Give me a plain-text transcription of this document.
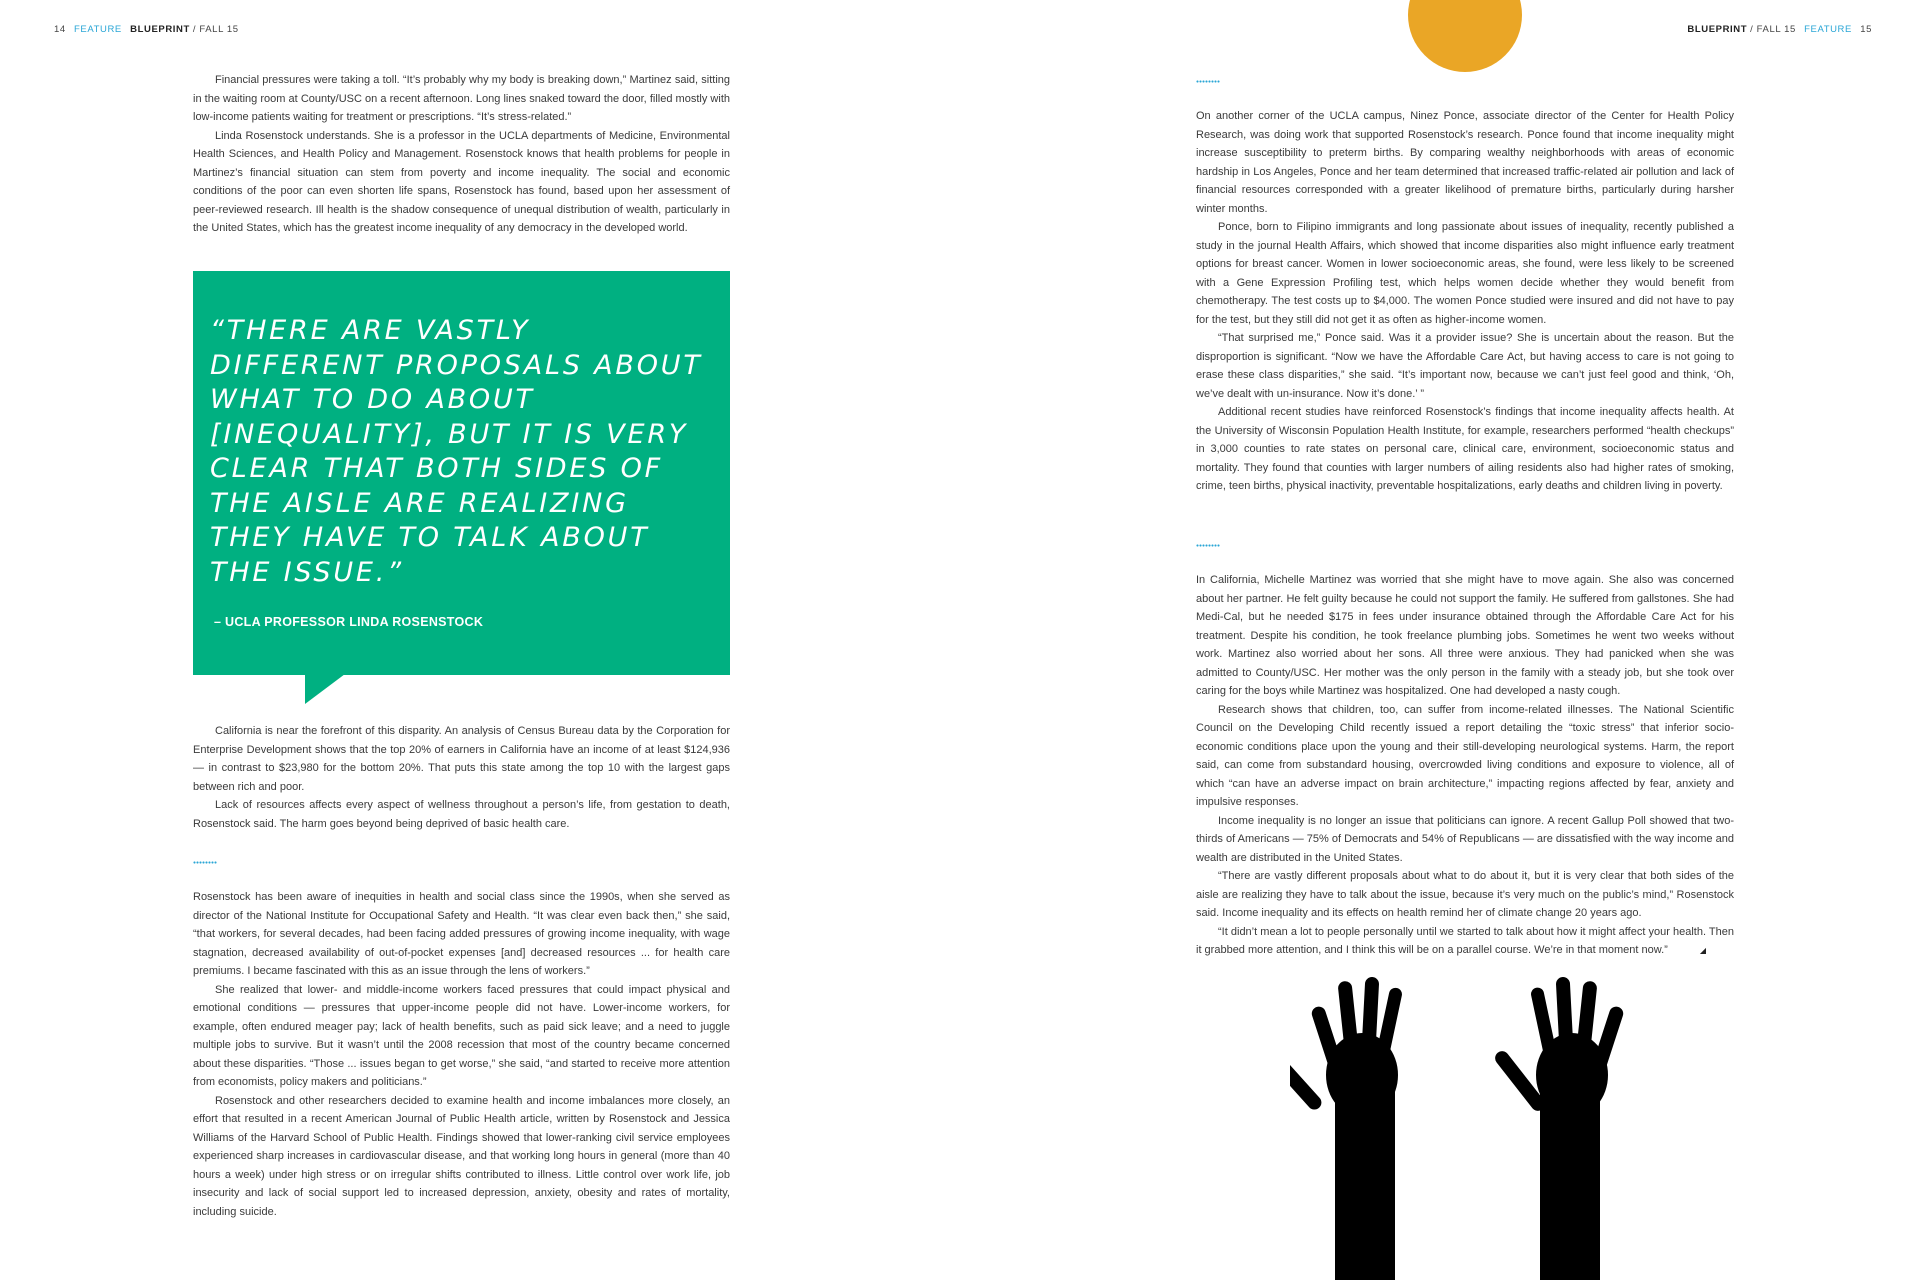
14 FEATURE BLUEPRINT / FALL 15	BLUEPRINT / FALL 15 FEATURE 15

Financial pressures were taking a toll. “It’s probably why my body is breaking down,” Martinez said, sitting in the waiting room at County/USC on a recent afternoon. Long lines snaked toward the door, filled mostly with low-income patients waiting for treatment or prescriptions. “It’s stress-related.”

Linda Rosenstock understands. She is a professor in the UCLA departments of Medicine, Environmental Health Sciences, and Health Policy and Management. Rosenstock knows that health problems for people in Martinez’s financial situation can stem from poverty and income inequality. The social and economic conditions of the poor can even shorten life spans, Rosenstock has found, based upon her assessment of peer-reviewed research. Ill health is the shadow consequence of unequal distribution of wealth, particularly in the United States, which has the greatest income inequality of any democracy in the developed world.

“THERE ARE VASTLY DIFFERENT PROPOSALS ABOUT WHAT TO DO ABOUT [INEQUALITY], BUT IT IS VERY CLEAR THAT BOTH SIDES OF THE AISLE ARE REALIZING THEY HAVE TO TALK ABOUT THE ISSUE.”
– UCLA PROFESSOR LINDA ROSENSTOCK

California is near the forefront of this disparity. An analysis of Census Bureau data by the Corporation for Enterprise Development shows that the top 20% of earners in California have an income of at least $124,936 — in contrast to $23,980 for the bottom 20%. That puts this state among the top 10 with the largest gaps between rich and poor.

Lack of resources affects every aspect of wellness throughout a person’s life, from gestation to death, Rosenstock said. The harm goes beyond being deprived of basic health care.

Rosenstock has been aware of inequities in health and social class since the 1990s, when she served as director of the National Institute for Occupational Safety and Health. “It was clear even back then,” she said, “that workers, for several decades, had been facing added pressures of growing income inequality, with wage stagnation, decreased availability of out-of-pocket expenses [and] decreased resources ... for health care premiums. I became fascinated with this as an issue through the lens of workers.”

She realized that lower- and middle-income workers faced pressures that could impact physical and emotional conditions — pressures that upper-income people did not have. Lower-income workers, for example, often endured meager pay; lack of health benefits, such as paid sick leave; and a need to juggle multiple jobs to survive. But it wasn’t until the 2008 recession that most of the country became concerned about these disparities. “Those ... issues began to get worse,” she said, “and started to receive more attention from economists, policy makers and politicians.”

Rosenstock and other researchers decided to examine health and income imbalances more closely, an effort that resulted in a recent American Journal of Public Health article, written by Rosenstock and Jessica Williams of the Harvard School of Public Health. Findings showed that lower-ranking civil service employees experienced sharp increases in cardiovascular disease, and that working long hours in general (more than 40 hours a week) under high stress or on irregular shifts contributed to illness. Little control over work life, job insecurity and lack of social support led to increased depression, anxiety, obesity and rates of mortality, including suicide.

On another corner of the UCLA campus, Ninez Ponce, associate director of the Center for Health Policy Research, was doing work that supported Rosenstock’s research. Ponce found that income inequality might increase susceptibility to preterm births. By comparing wealthy neighborhoods with areas of economic hardship in Los Angeles, Ponce and her team determined that increased traffic-related air pollution and lack of financial resources corresponded with a greater likelihood of premature births, particularly during harsher winter months.

Ponce, born to Filipino immigrants and long passionate about issues of inequality, recently published a study in the journal Health Affairs, which showed that income disparities also might influence early treatment options for breast cancer. Women in lower socioeconomic areas, she found, were less likely to be screened with a Gene Expression Profiling test, which helps women decide whether they would benefit from chemotherapy. The test costs up to $4,000. The women Ponce studied were insured and did not have to pay for the test, but they still did not get it as often as higher-income women.

“That surprised me,” Ponce said. Was it a provider issue? She is uncertain about the reason. But the disproportion is significant. “Now we have the Affordable Care Act, but having access to care is not going to erase these class disparities,” she said. “It’s important now, because we can’t just feel good and think, ‘Oh, we’ve dealt with un-insurance. Now it’s done.’ ”

Additional recent studies have reinforced Rosenstock’s findings that income inequality affects health. At the University of Wisconsin Population Health Institute, for example, researchers performed “health checkups” in 3,000 counties to rate states on personal care, clinical care, environment, socioeconomic status and mortality. They found that counties with larger numbers of ailing residents also had higher rates of smoking, crime, teen births, physical inactivity, preventable hospitalizations, early deaths and children living in poverty.

In California, Michelle Martinez was worried that she might have to move again. She also was concerned about her partner. He felt guilty because he could not support the family. He suffered from gallstones. She had Medi-Cal, but he needed $175 in fees under insurance obtained through the Affordable Care Act for his treatment. Despite his condition, he took freelance plumbing jobs. Sometimes he went two weeks without work. Martinez also worried about her sons. All three were anxious. They had panicked when she was admitted to County/USC. Her mother was the only person in the family with a steady job, but she took over caring for the boys while Martinez was hospitalized. One had developed a nasty cough.

Research shows that children, too, can suffer from income-related illnesses. The National Scientific Council on the Developing Child recently issued a report detailing the “toxic stress” that inferior socio-economic conditions place upon the young and their still-developing neurological systems. Harm, the report said, can come from substandard housing, overcrowded living conditions and exposure to violence, all of which “can have an adverse impact on brain architecture,” impacting regions affected by fear, anxiety and impulsive responses.

Income inequality is no longer an issue that politicians can ignore. A recent Gallup Poll showed that two-thirds of Americans — 75% of Democrats and 54% of Republicans — are dissatisfied with the way income and wealth are distributed in the United States.

“There are vastly different proposals about what to do about it, but it is very clear that both sides of the aisle are realizing they have to talk about the issue, because it’s very much on the public’s mind,” Rosenstock said. Income inequality and its effects on health remind her of climate change 20 years ago.

“It didn’t mean a lot to people personally until we started to talk about how it might affect your health. Then it grabbed more attention, and I think this will be on a parallel course. We’re in that moment now.”	◢
